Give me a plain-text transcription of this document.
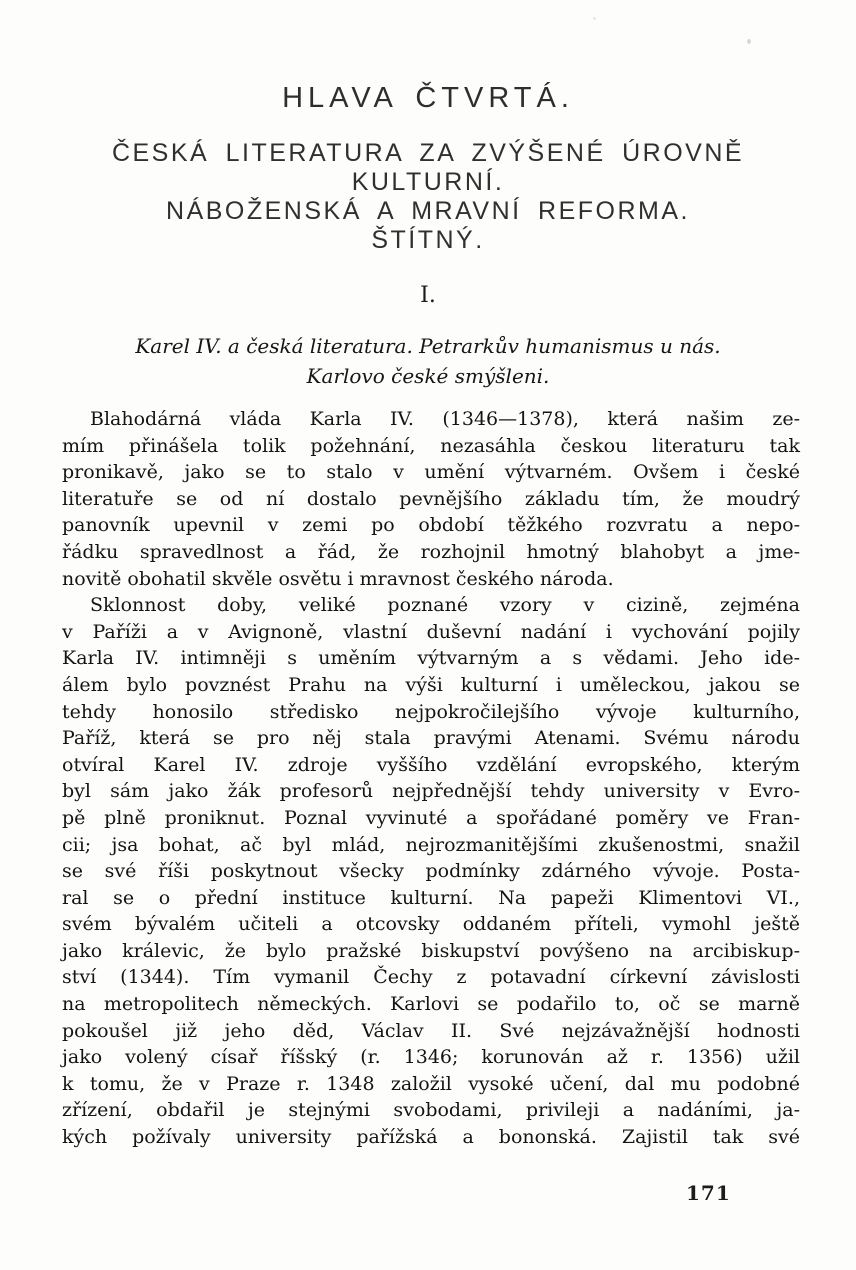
HLAVA ČTVRTÁ.
ČESKÁ LITERATURA ZA ZVÝŠENÉ ÚROVNĚ
KULTURNÍ.
NÁBOŽENSKÁ A MRAVNÍ REFORMA.
ŠTÍTNÝ.
I.
Karel IV. a česká literatura. Petrarkův humanismus u nás.
Karlovo české smýšleni.
Blahodárná vláda Karla IV. (1346—1378), která našim ze-
mím přinášela tolik požehnání, nezasáhla českou literaturu tak
pronikavě, jako se to stalo v umění výtvarném. Ovšem i české
literatuře se od ní dostalo pevnějšího základu tím, že moudrý
panovník upevnil v zemi po období těžkého rozvratu a nepo-
řádku spravedlnost a řád, že rozhojnil hmotný blahobyt a jme-
novitě obohatil skvěle osvětu i mravnost českého národa.
Sklonnost doby, veliké poznané vzory v cizině, zejména
v Paříži a v Avignoně, vlastní duševní nadání i vychování pojily
Karla IV. intimněji s uměním výtvarným a s vědami. Jeho ide-
álem bylo povznést Prahu na výši kulturní i uměleckou, jakou se
tehdy honosilo středisko nejpokročilejšího vývoje kulturního,
Paříž, která se pro něj stala pravými Atenami. Svému národu
otvíral Karel IV. zdroje vyššího vzdělání evropského, kterým
byl sám jako žák profesorů nejpřednější tehdy university v Evro-
pě plně proniknut. Poznal vyvinuté a spořádané poměry ve Fran-
cii; jsa bohat, ač byl mlád, nejrozmanitějšími zkušenostmi, snažil
se své říši poskytnout všecky podmínky zdárného vývoje. Posta-
ral se o přední instituce kulturní. Na papeži Klimentovi VI.,
svém bývalém učiteli a otcovsky oddaném příteli, vymohl ještě
jako králevic, že bylo pražské biskupství povýšeno na arcibiskup-
ství (1344). Tím vymanil Čechy z potavadní církevní závislosti
na metropolitech německých. Karlovi se podařilo to, oč se marně
pokoušel již jeho děd, Václav II. Své nejzávažnější hodnosti
jako volený císař říšský (r. 1346; korunován až r. 1356) užil
k tomu, že v Praze r. 1348 založil vysoké učení, dal mu podobné
zřízení, obdařil je stejnými svobodami, privileji a nadáními, ja-
kých požívaly university pařížská a bononská. Zajistil tak své
171
